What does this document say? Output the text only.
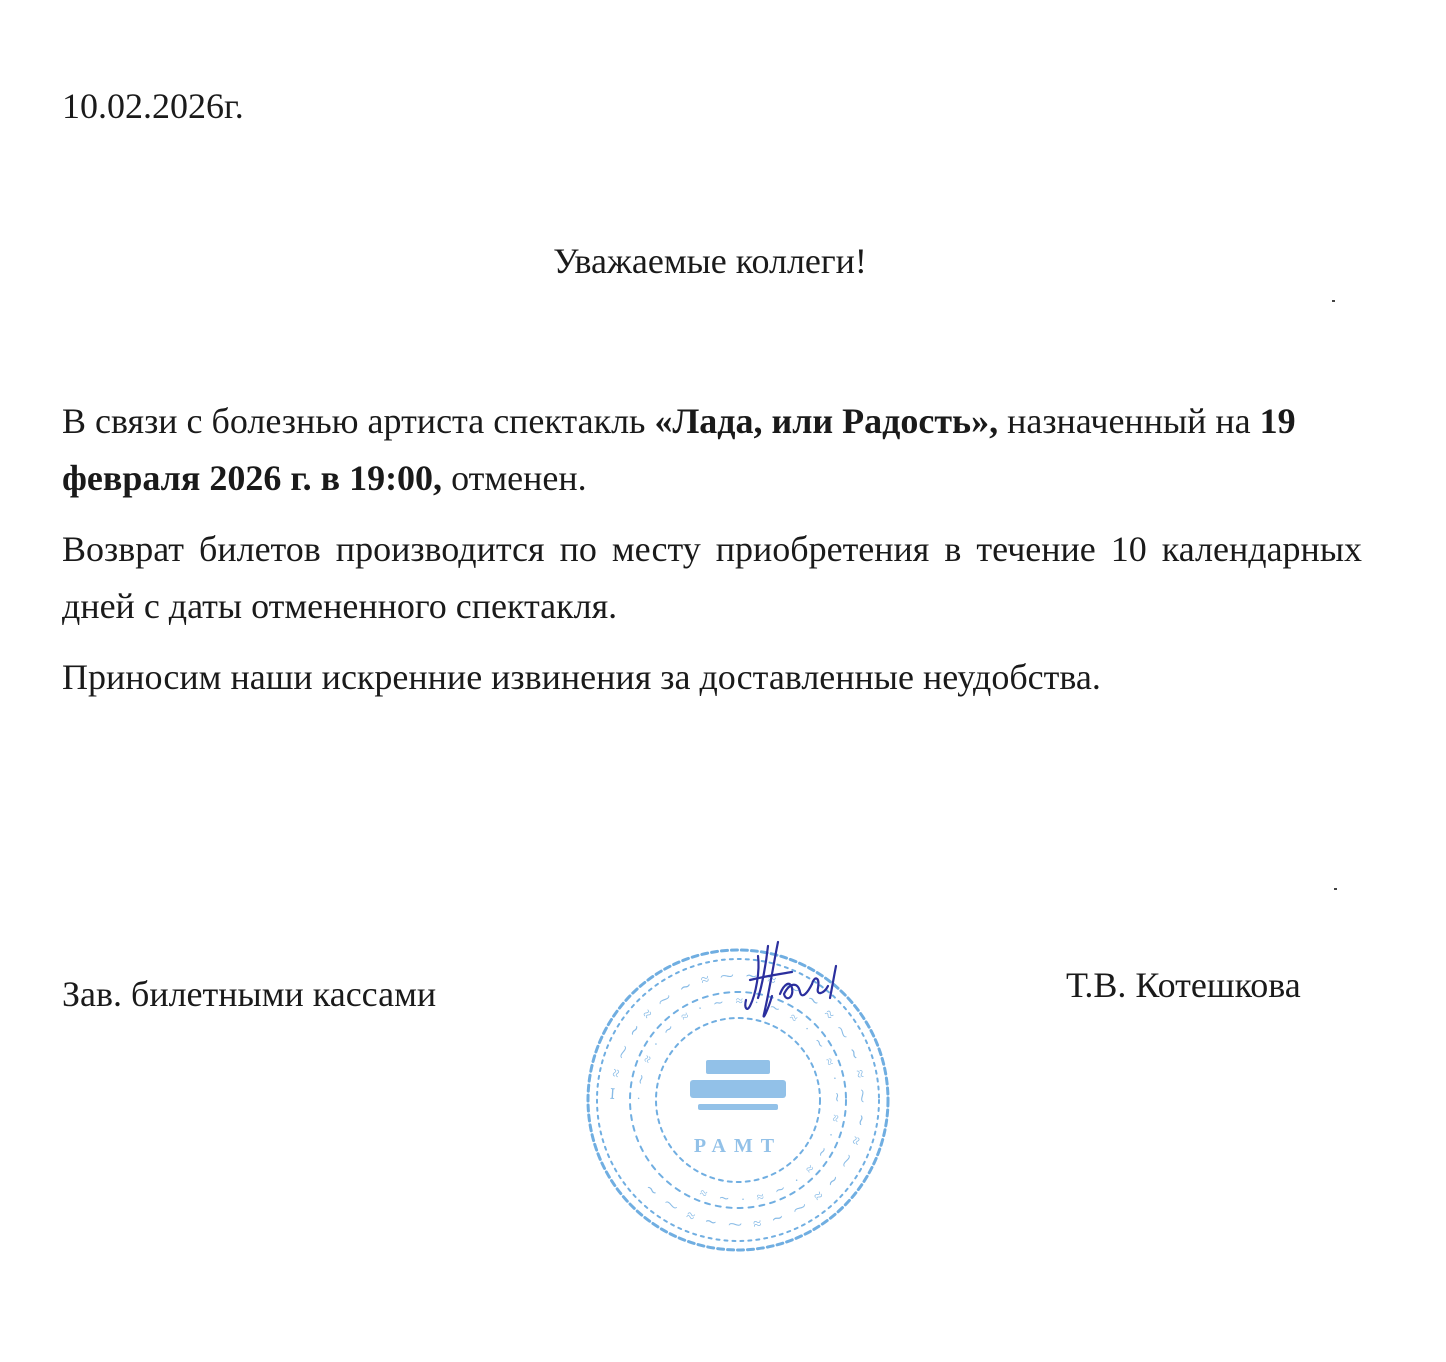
10.02.2026г.
Уважаемые коллеги!

В связи с болезнью артиста спектакль «Лада, или Радость», назначенный на 19 февраля 2026 г. в 19:00, отменен.

Возврат билетов производится по месту приобретения в течение 10 календарных дней с даты отмененного спектакля.

Приносим наши искренние извинения за доставленные неудобства.

Зав. билетными кассами	Т.В. Котешкова
ꟷ ≈ ⁓ ∼ ≈ ⁓ ∼ ≈ ⁓ ∼ ≈ ⁓ ∼ ≈ ⁓ ∼ ≈ ⁓ ∼ ≈ ⁓ ∼ ≈ ⁓ ∼ ≈ ⁓ ∼ ≈ ⁓ ∼
∙ ∼ ≈ ∙ ∼ ≈ ∙ ∼ ≈ ∙ ∼ ≈ ∙ ∼ ≈ ∙ ∼ ≈ ∙ ∼ ≈ ∙ ∼ ≈ ∙ ∼ ≈
РАМТ
